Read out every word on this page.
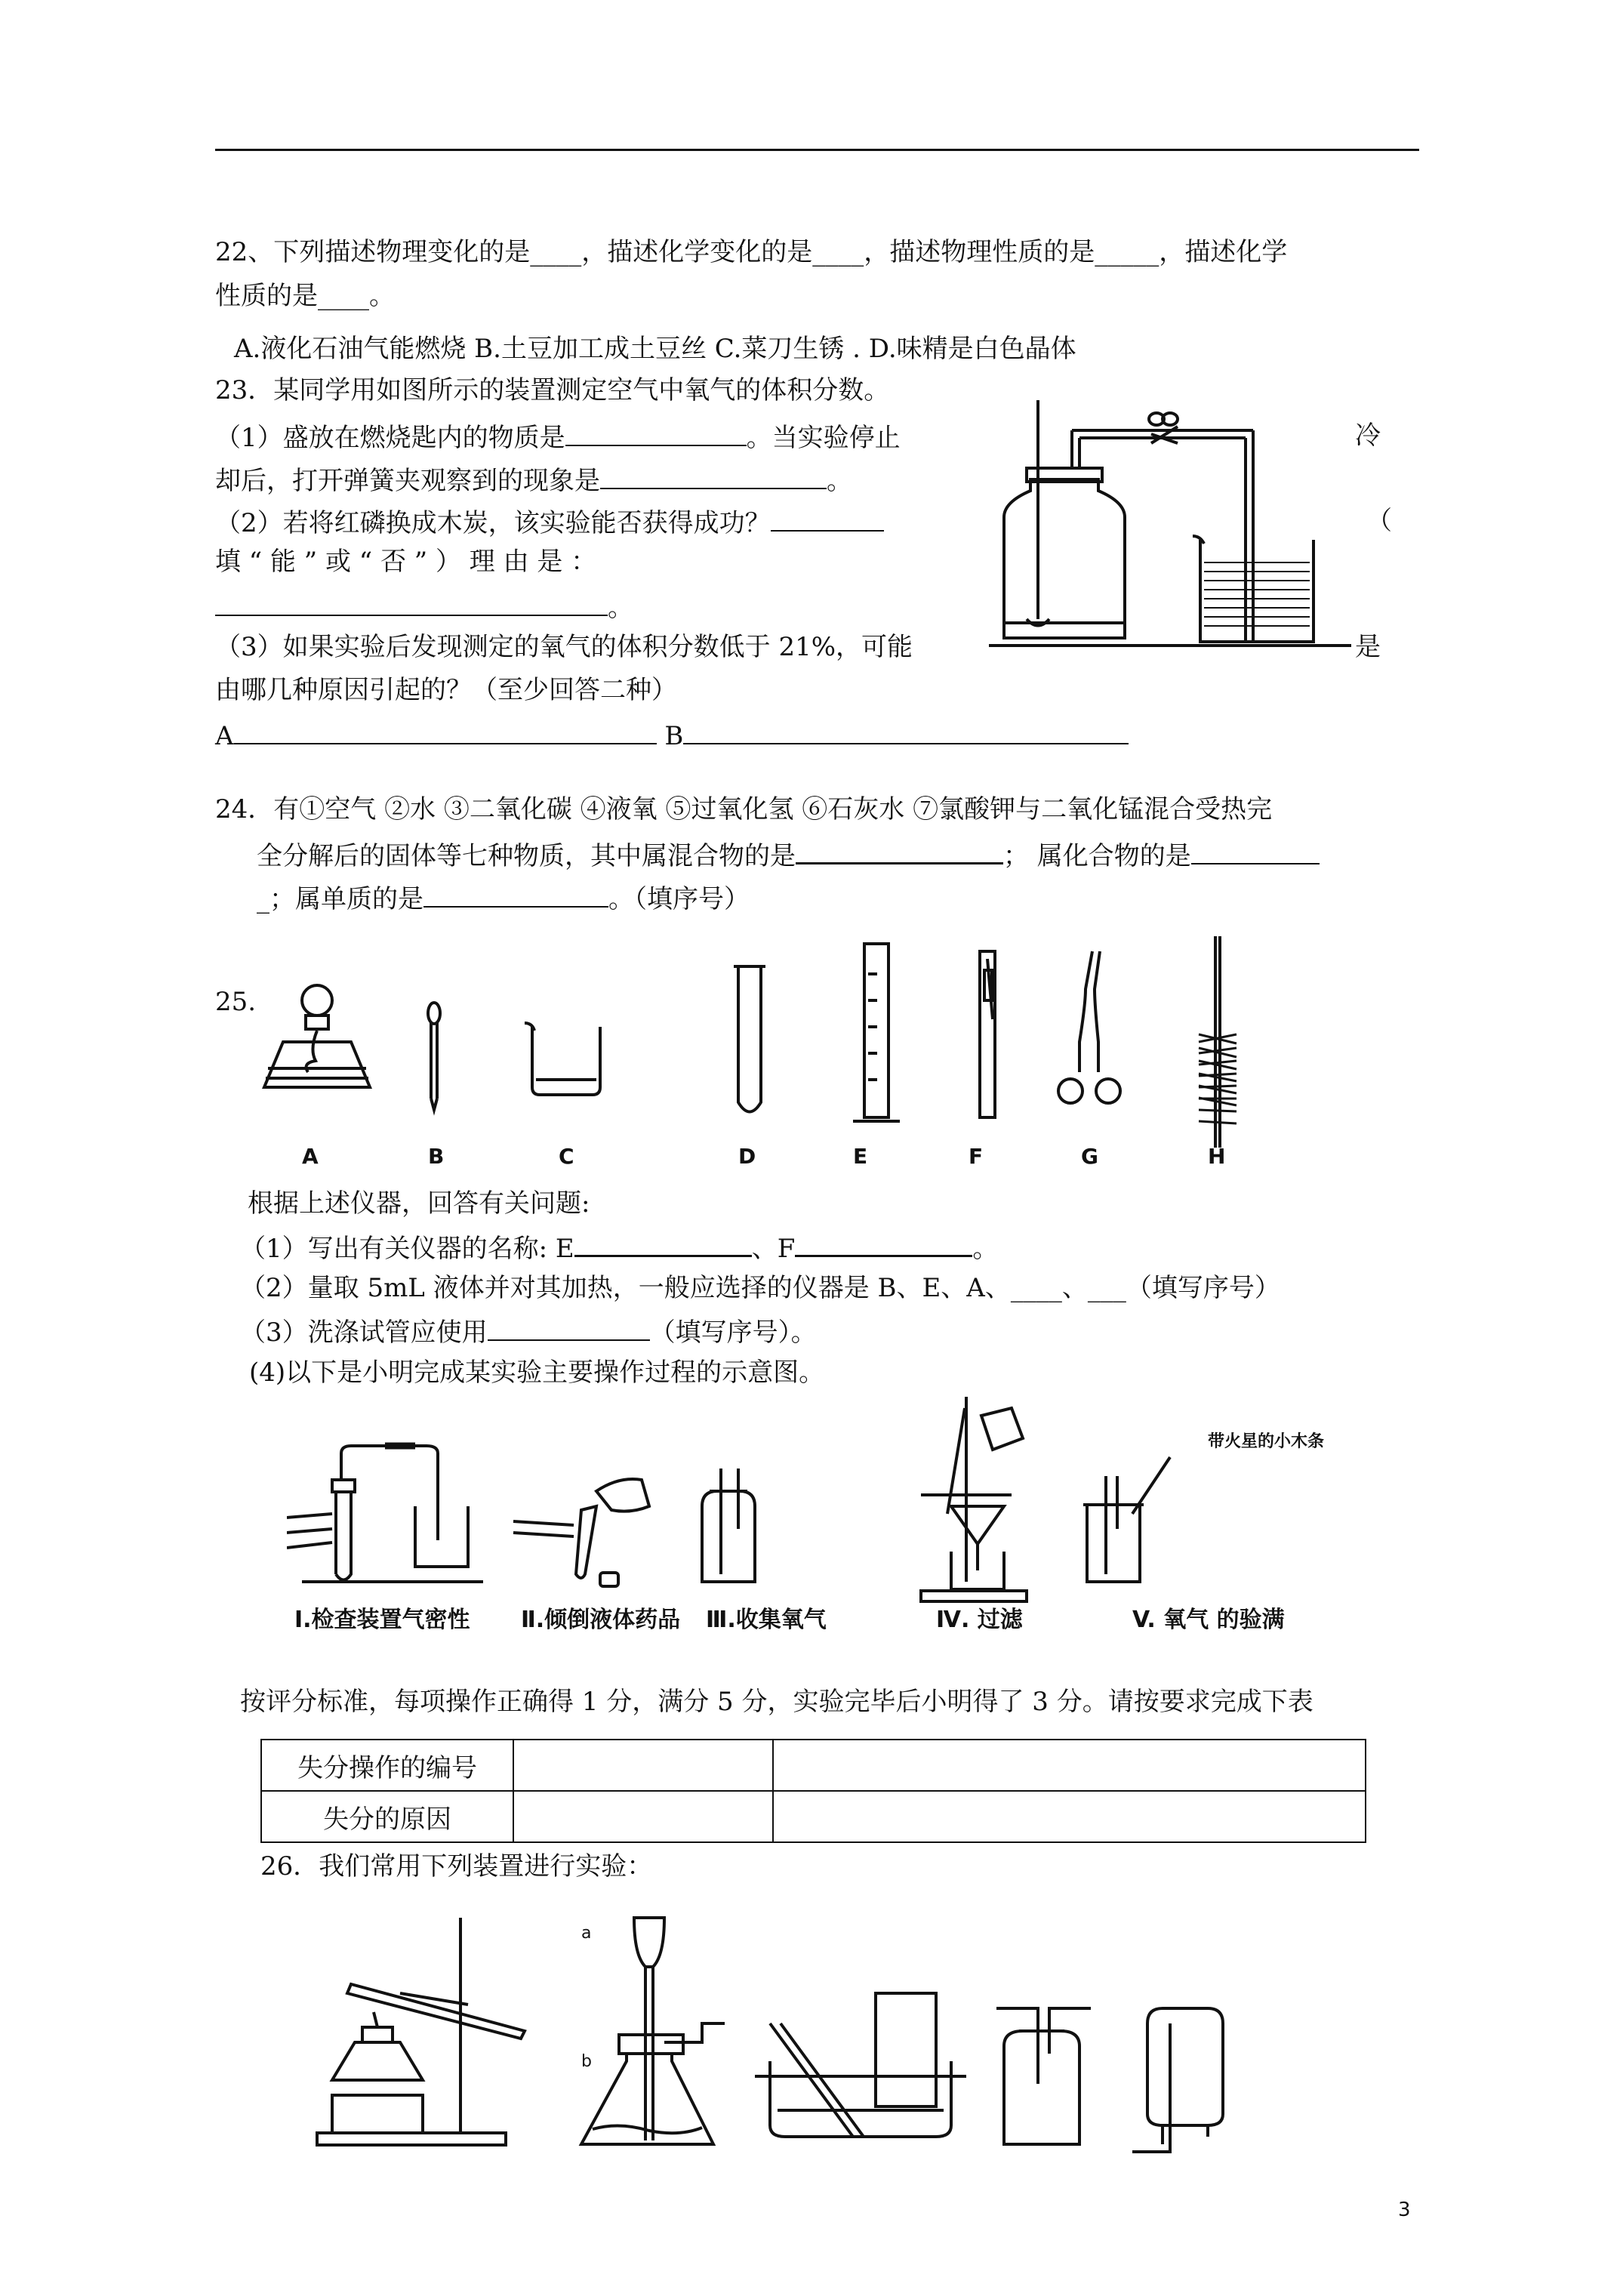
22、下列描述物理变化的是____，描述化学变化的是____，描述物理性质的是_____，描述化学
性质的是____。
A.液化石油气能燃烧 B.土豆加工成土豆丝 C.菜刀生锈 . D.味精是白色晶体
23．某同学用如图所示的装置测定空气中氧气的体积分数。
（1）盛放在燃烧匙内的物质是	。当实验停止	冷
却后，打开弹簧夹观察到的现象是	。
（2）若将红磷换成木炭，该实验能否获得成功？	（
填 “ 能 ” 或 “ 否 ” ） 理 由 是 ：
。
（3）如果实验后发现测定的氧气的体积分数低于 21%，可能	是
由哪几种原因引起的？（至少回答二种）
A	B
24．有①空气 ②水 ③二氧化碳 ④液氧 ⑤过氧化氢 ⑥石灰水 ⑦氯酸钾与二氧化锰混合受热完
全分解后的固体等七种物质，其中属混合物的是	； 属化合物的是
_；属单质的是	。（填序号）
25.
A	B	C	D	E	F	G	H
根据上述仪器，回答有关问题:
（1）写出有关仪器的名称: E	、F	。
（2）量取 5mL 液体并对其加热，一般应选择的仪器是 B、E、A、____、___（填写序号）
（3）洗涤试管应使用	（填写序号）。
(4)以下是小明完成某实验主要操作过程的示意图。
带火星的小木条
Ⅰ.检查装置气密性 Ⅱ.倾倒液体药品 Ⅲ.收集氧气	Ⅳ. 过滤	V. 氧气 的验满
按评分标准，每项操作正确得 1 分，满分 5 分，实验完毕后小明得了 3 分。请按要求完成下表
失分操作的编号		
失分的原因		
26．我们常用下列装置进行实验：
a
b
3
